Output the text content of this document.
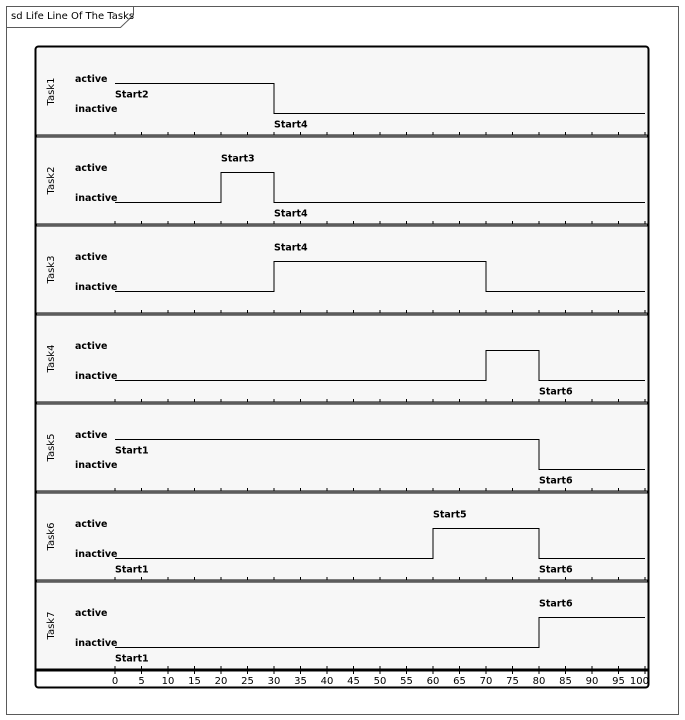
sd Life Line Of The Tasks
Task1 active
inactive
Start2
Start4
Task2 active
inactive
Start3
Start4
Task3 active
inactive
Start4
Task4 active
inactive
Start6
Task5 active
inactive
Start1
Start6
Task6 active
inactive
Start5
Start1	Start6
Task7 active
inactive
Start6
Start1
0 5 10 15 20 25 30 35 40 45 50 55 60 65 70 75 80 85 90 95 100
